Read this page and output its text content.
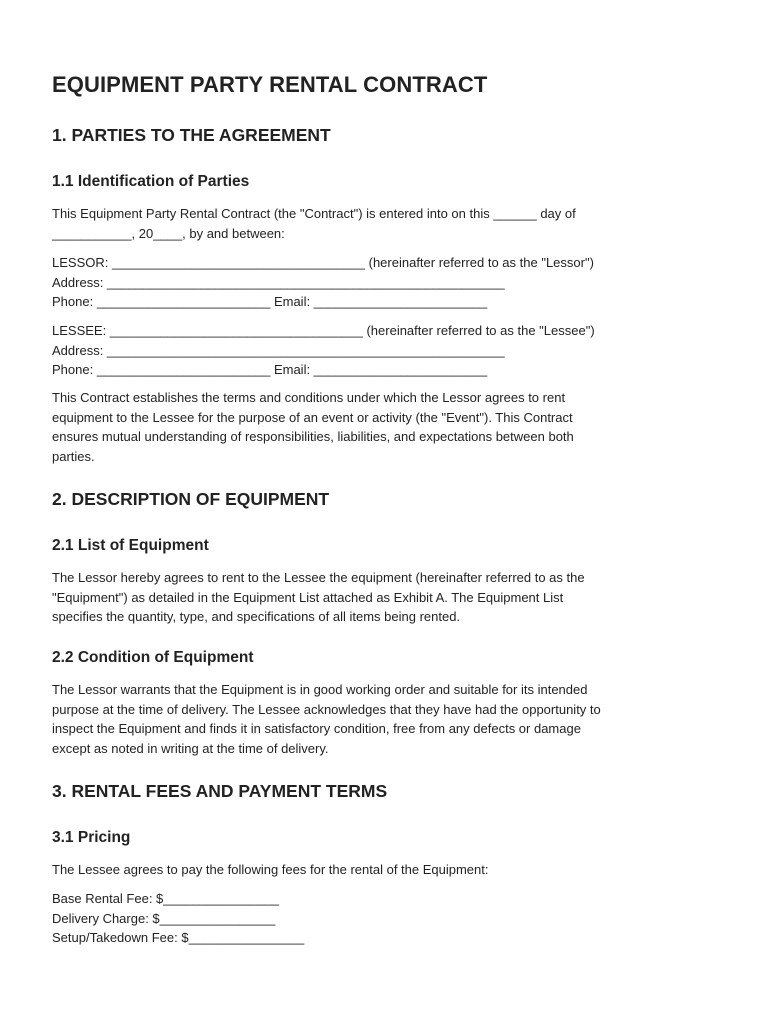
EQUIPMENT PARTY RENTAL CONTRACT
1. PARTIES TO THE AGREEMENT
1.1 Identification of Parties
This Equipment Party Rental Contract (the "Contract") is entered into on this ______ day of
___________, 20____, by and between:
LESSOR: ___________________________________ (hereinafter referred to as the "Lessor")
Address: _______________________________________________________
Phone: ________________________ Email: ________________________
LESSEE: ___________________________________ (hereinafter referred to as the "Lessee")
Address: _______________________________________________________
Phone: ________________________ Email: ________________________
This Contract establishes the terms and conditions under which the Lessor agrees to rent
equipment to the Lessee for the purpose of an event or activity (the "Event"). This Contract
ensures mutual understanding of responsibilities, liabilities, and expectations between both
parties.
2. DESCRIPTION OF EQUIPMENT
2.1 List of Equipment
The Lessor hereby agrees to rent to the Lessee the equipment (hereinafter referred to as the
"Equipment") as detailed in the Equipment List attached as Exhibit A. The Equipment List
specifies the quantity, type, and specifications of all items being rented.
2.2 Condition of Equipment
The Lessor warrants that the Equipment is in good working order and suitable for its intended
purpose at the time of delivery. The Lessee acknowledges that they have had the opportunity to
inspect the Equipment and finds it in satisfactory condition, free from any defects or damage
except as noted in writing at the time of delivery.
3. RENTAL FEES AND PAYMENT TERMS
3.1 Pricing
The Lessee agrees to pay the following fees for the rental of the Equipment:
Base Rental Fee: $________________
Delivery Charge: $________________
Setup/Takedown Fee: $________________
